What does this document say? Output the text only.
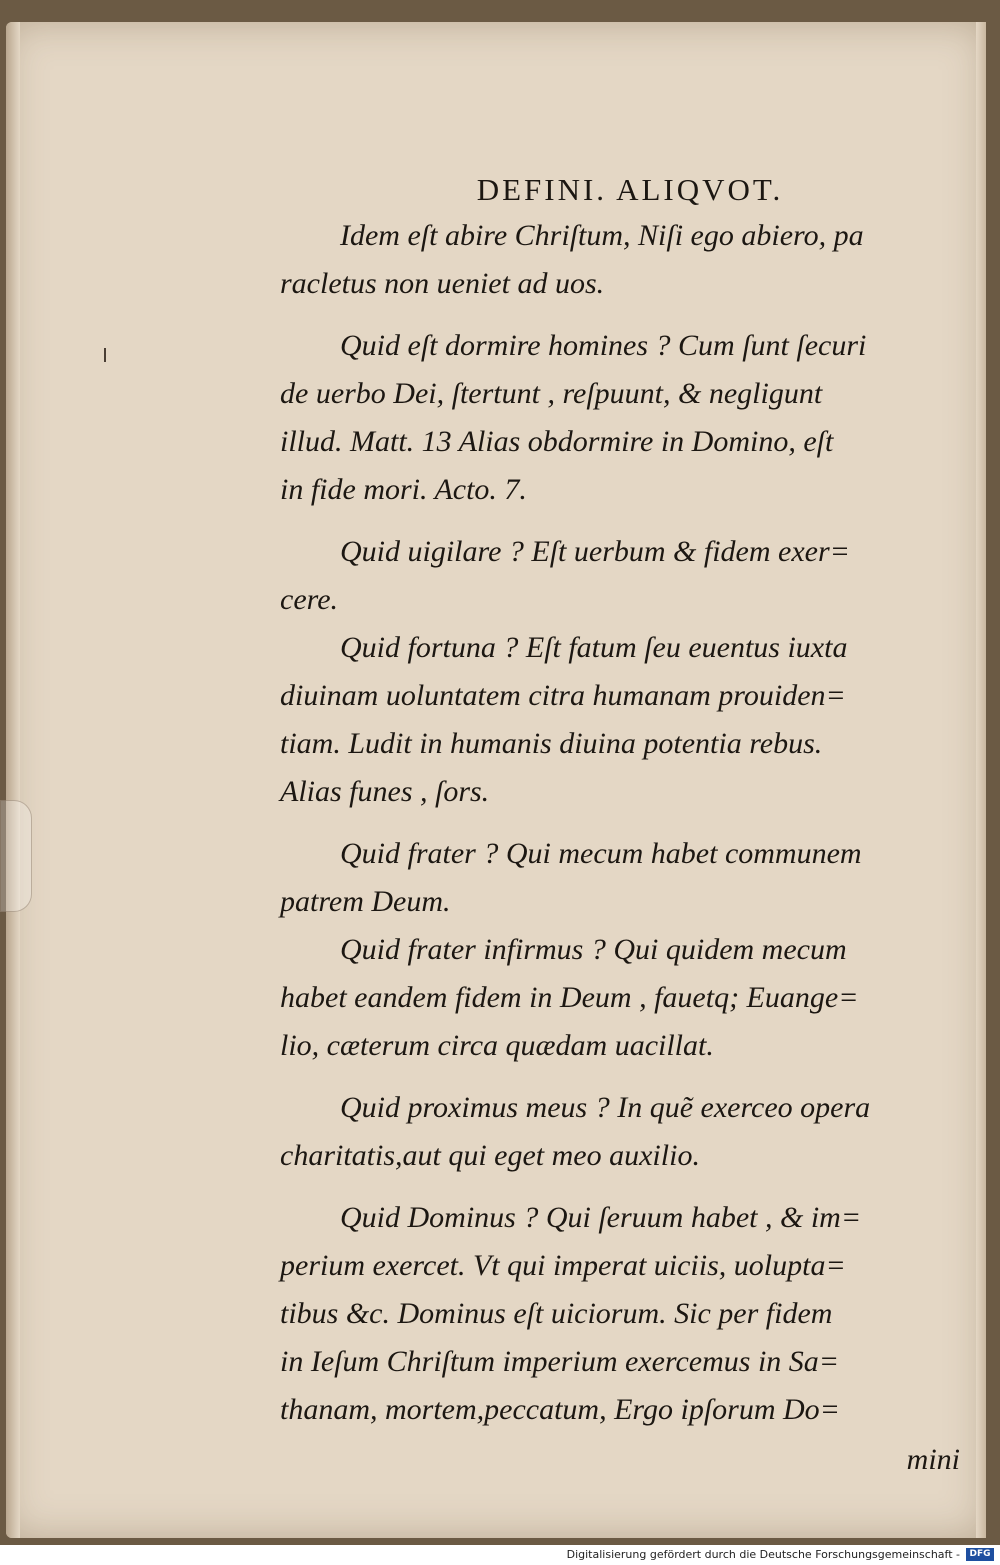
DEFINI. ALIQVOT.

Idem eſt abire Chriſtum, Niſi ego abiero, pa
racletus non ueniet ad uos.

Quid eſt dormire homines ? Cum ſunt ſecuri
de uerbo Dei, ſtertunt , reſpuunt, & negligunt
illud. Matt. 13 Alias obdormire in Domino, eſt
in fide mori. Acto. 7.

Quid uigilare ? Eſt uerbum & fidem exer=
cere.

Quid fortuna ? Eſt fatum ſeu euentus iuxta
diuinam uoluntatem citra humanam prouiden=
tiam. Ludit in humanis diuina potentia rebus.
Alias funes , ſors.

Quid frater ? Qui mecum habet communem
patrem Deum.

Quid frater infirmus ? Qui quidem mecum
habet eandem fidem in Deum , fauetq; Euange=
lio, cæterum circa quædam uacillat.

Quid proximus meus ? In quẽ exerceo opera
charitatis,aut qui eget meo auxilio.

Quid Dominus ? Qui ſeruum habet , & im=
perium exercet. Vt qui imperat uiciis, uolupta=
tibus &c. Dominus eſt uiciorum. Sic per fidem
in Ieſum Chriſtum imperium exercemus in Sa=
thanam, mortem,peccatum, Ergo ipſorum Do=

mini
Digitalisierung gefördert durch die Deutsche Forschungsgemeinschaft -	DFG
